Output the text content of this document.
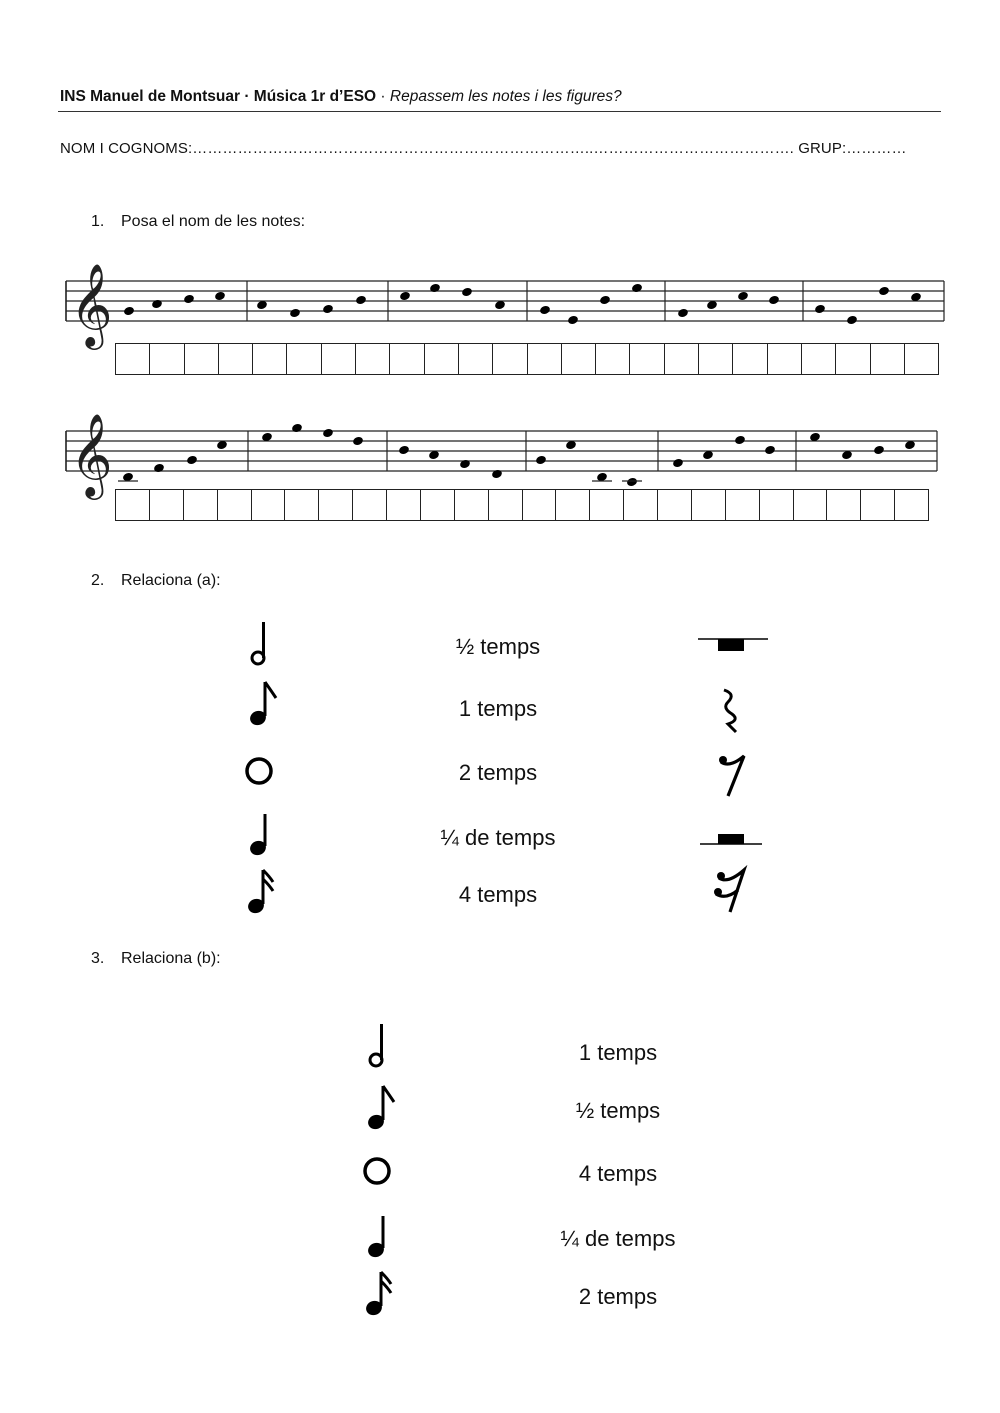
INS Manuel de Montsuar · Música 1r d’ESO · Repassem les notes i les figures?
NOM I COGNOMS:……………………………………………………………………..…………………………………. GRUP:…………
1. Posa el nom de les notes:
𝄞
𝄞
2. Relaciona (a):
½ temps
1 temps
2 temps
¼ de temps
4 temps
3. Relaciona (b):
1 temps
½ temps
4 temps
¼ de temps
2 temps
